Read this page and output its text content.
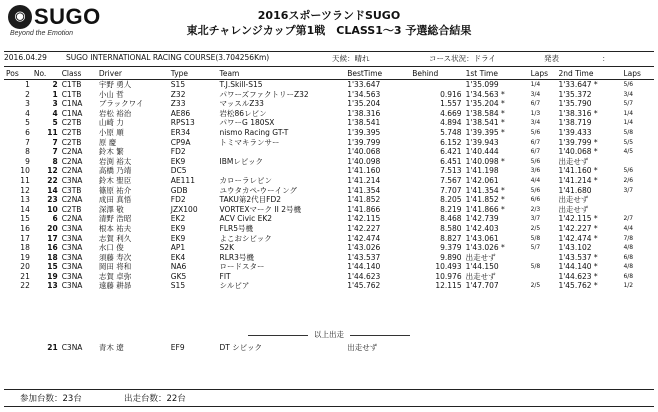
◉ SUGO
Beyond the Emotion
2016スポーツランドSUGO
東北チャレンジカップ第1戦　CLASS1～3 予選総合結果
2016.04.29	SUGO INTERNATIONAL RACING COURSE(3.704256Km)	天候：晴れ	コース状況：ドライ	発表	：
Pos	No.	Class	Driver	Type	Team	BestTime	Behind	1st Time	Laps	2nd Time	Laps
1	2	C1TB	宇野 勇人	S15	T.J.Skill-S15	1'33.647		1'35.099	1/4	1'33.647 *	5/6
2	1	C1TB	小山 哲	Z32	パワーズファクトリーZ32	1'34.563	0.916	1'34.563 *	3/4	1'35.372	3/4
3	3	C1NA	ブラックワイ	Z33	マッスルZ33	1'35.204	1.557	1'35.204 *	6/7	1'35.790	5/7
4	4	C1NA	岩松 裕治	AE86	岩松86レビン	1'38.316	4.669	1'38.584 *	1/3	1'38.316 *	1/4
5	5	C2TB	山崎 力	RPS13	パワーG 180SX	1'38.541	4.894	1'38.541 *	3/4	1'38.719	1/4
6	11	C2TB	小原 順	ER34	nismo Racing GT-T	1'39.395	5.748	1'39.395 *	5/6	1'39.433	5/8
7	7	C2TB	原 慶	CP9A	トミマキランサー	1'39.799	6.152	1'39.943	6/7	1'39.799 *	5/5
8	7	C2NA	鈴木 繁	FD2		1'40.068	6.421	1'40.444	6/7	1'40.068 *	4/5
9	8	C2NA	岩渕 裕太	EK9	IBMレビック	1'40.098	6.451	1'40.098 *	5/6	出走せず	
10	12	C2NA	高橋 乃靖	DC5		1'41.160	7.513	1'41.198	3/6	1'41.160 *	5/6
11	22	C3NA	鈴木 聖臣	AE111	カローラレビン	1'41.214	7.567	1'42.061	4/4	1'41.214 *	2/6
12	14	C3TB	篠原 祐介	GDB	ユウタカペ-ウーイング	1'41.354	7.707	1'41.354 *	5/6	1'41.680	3/7
13	23	C2NA	成田 真悟	FD2	TAKU第2代目FD2	1'41.852	8.205	1'41.852 *	6/6	出走せず	
14	10	C2TB	深澤 敬	JZX100	VORTEXマーク II 2号機	1'41.866	8.219	1'41.866 *	2/3	出走せず	
15	6	C2NA	清野 浩昭	EK2	ACV Civic EK2	1'42.115	8.468	1'42.739	3/7	1'42.115 *	2/7
16	20	C3NA	根本 祐夫	EK9	FLR5号機	1'42.227	8.580	1'42.403	2/5	1'42.227 *	4/4
17	17	C3NA	志賀 利久	EK9	よこおシビック	1'42.474	8.827	1'43.061	5/8	1'42.474 *	7/8
18	16	C3NA	水口 俊	AP1	S2K	1'43.026	9.379	1'43.026 *	5/7	1'43.102	4/8
19	18	C3NA	須藤 寿次	EK4	RLR3号機	1'43.537	9.890	出走せず		1'43.537 *	6/8
20	15	C3NA	岡田 将和	NA6	ロードスター	1'44.140	10.493	1'44.150	5/8	1'44.140 *	4/8
21	19	C3NA	志賀 卓弥	GK5	FIT	1'44.623	10.976	出走せず		1'44.623 *	6/8
22	13	C3NA	遠藤 耕昴	S15	シルビア	1'45.762	12.115	1'47.707	2/5	1'45.762 *	1/2
以上出走
	21	C3NA	青木 遼	EF9	DT シビック	出走せず					
参加台数：23台	出走台数：22台
